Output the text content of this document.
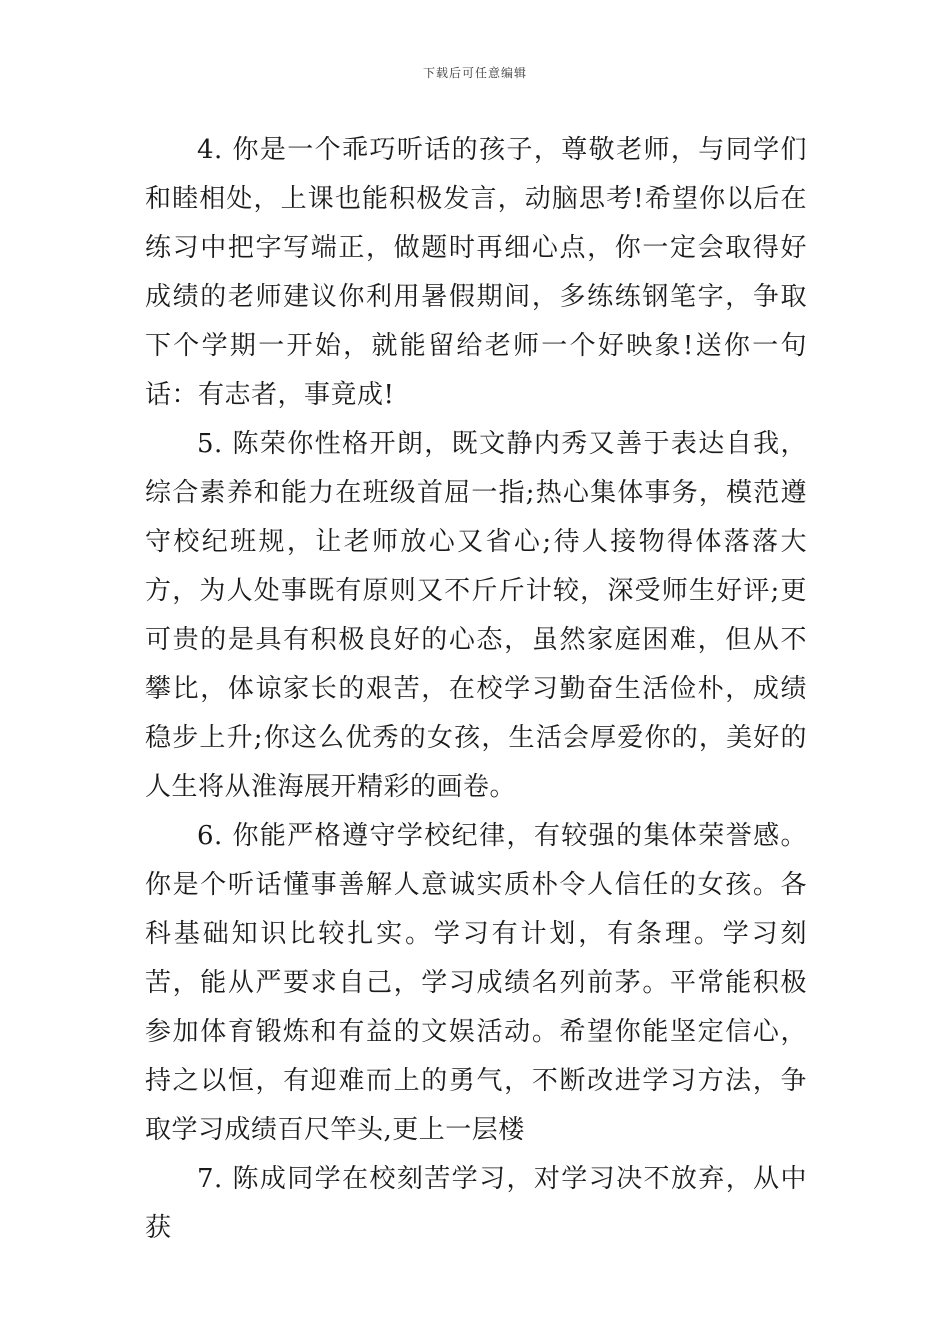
下载后可任意编辑

4. 你是一个乖巧听话的孩子，尊敬老师，与同学们和睦相处，上课也能积极发言，动脑思考!希望你以后在练习中把字写端正，做题时再细心点，你一定会取得好成绩的老师建议你利用暑假期间，多练练钢笔字，争取下个学期一开始，就能留给老师一个好映象!送你一句话：有志者，事竟成!

5. 陈荣你性格开朗，既文静内秀又善于表达自我，综合素养和能力在班级首屈一指;热心集体事务，模范遵守校纪班规，让老师放心又省心;待人接物得体落落大方，为人处事既有原则又不斤斤计较，深受师生好评;更可贵的是具有积极良好的心态，虽然家庭困难，但从不攀比，体谅家长的艰苦，在校学习勤奋生活俭朴，成绩稳步上升;你这么优秀的女孩，生活会厚爱你的，美好的人生将从淮海展开精彩的画卷。

6. 你能严格遵守学校纪律，有较强的集体荣誉感。你是个听话懂事善解人意诚实质朴令人信任的女孩。各科基础知识比较扎实。学习有计划，有条理。学习刻苦，能从严要求自己，学习成绩名列前茅。平常能积极参加体育锻炼和有益的文娱活动。希望你能坚定信心，持之以恒，有迎难而上的勇气，不断改进学习方法，争取学习成绩百尺竿头,更上一层楼

7. 陈成同学在校刻苦学习，对学习决不放弃，从中获
